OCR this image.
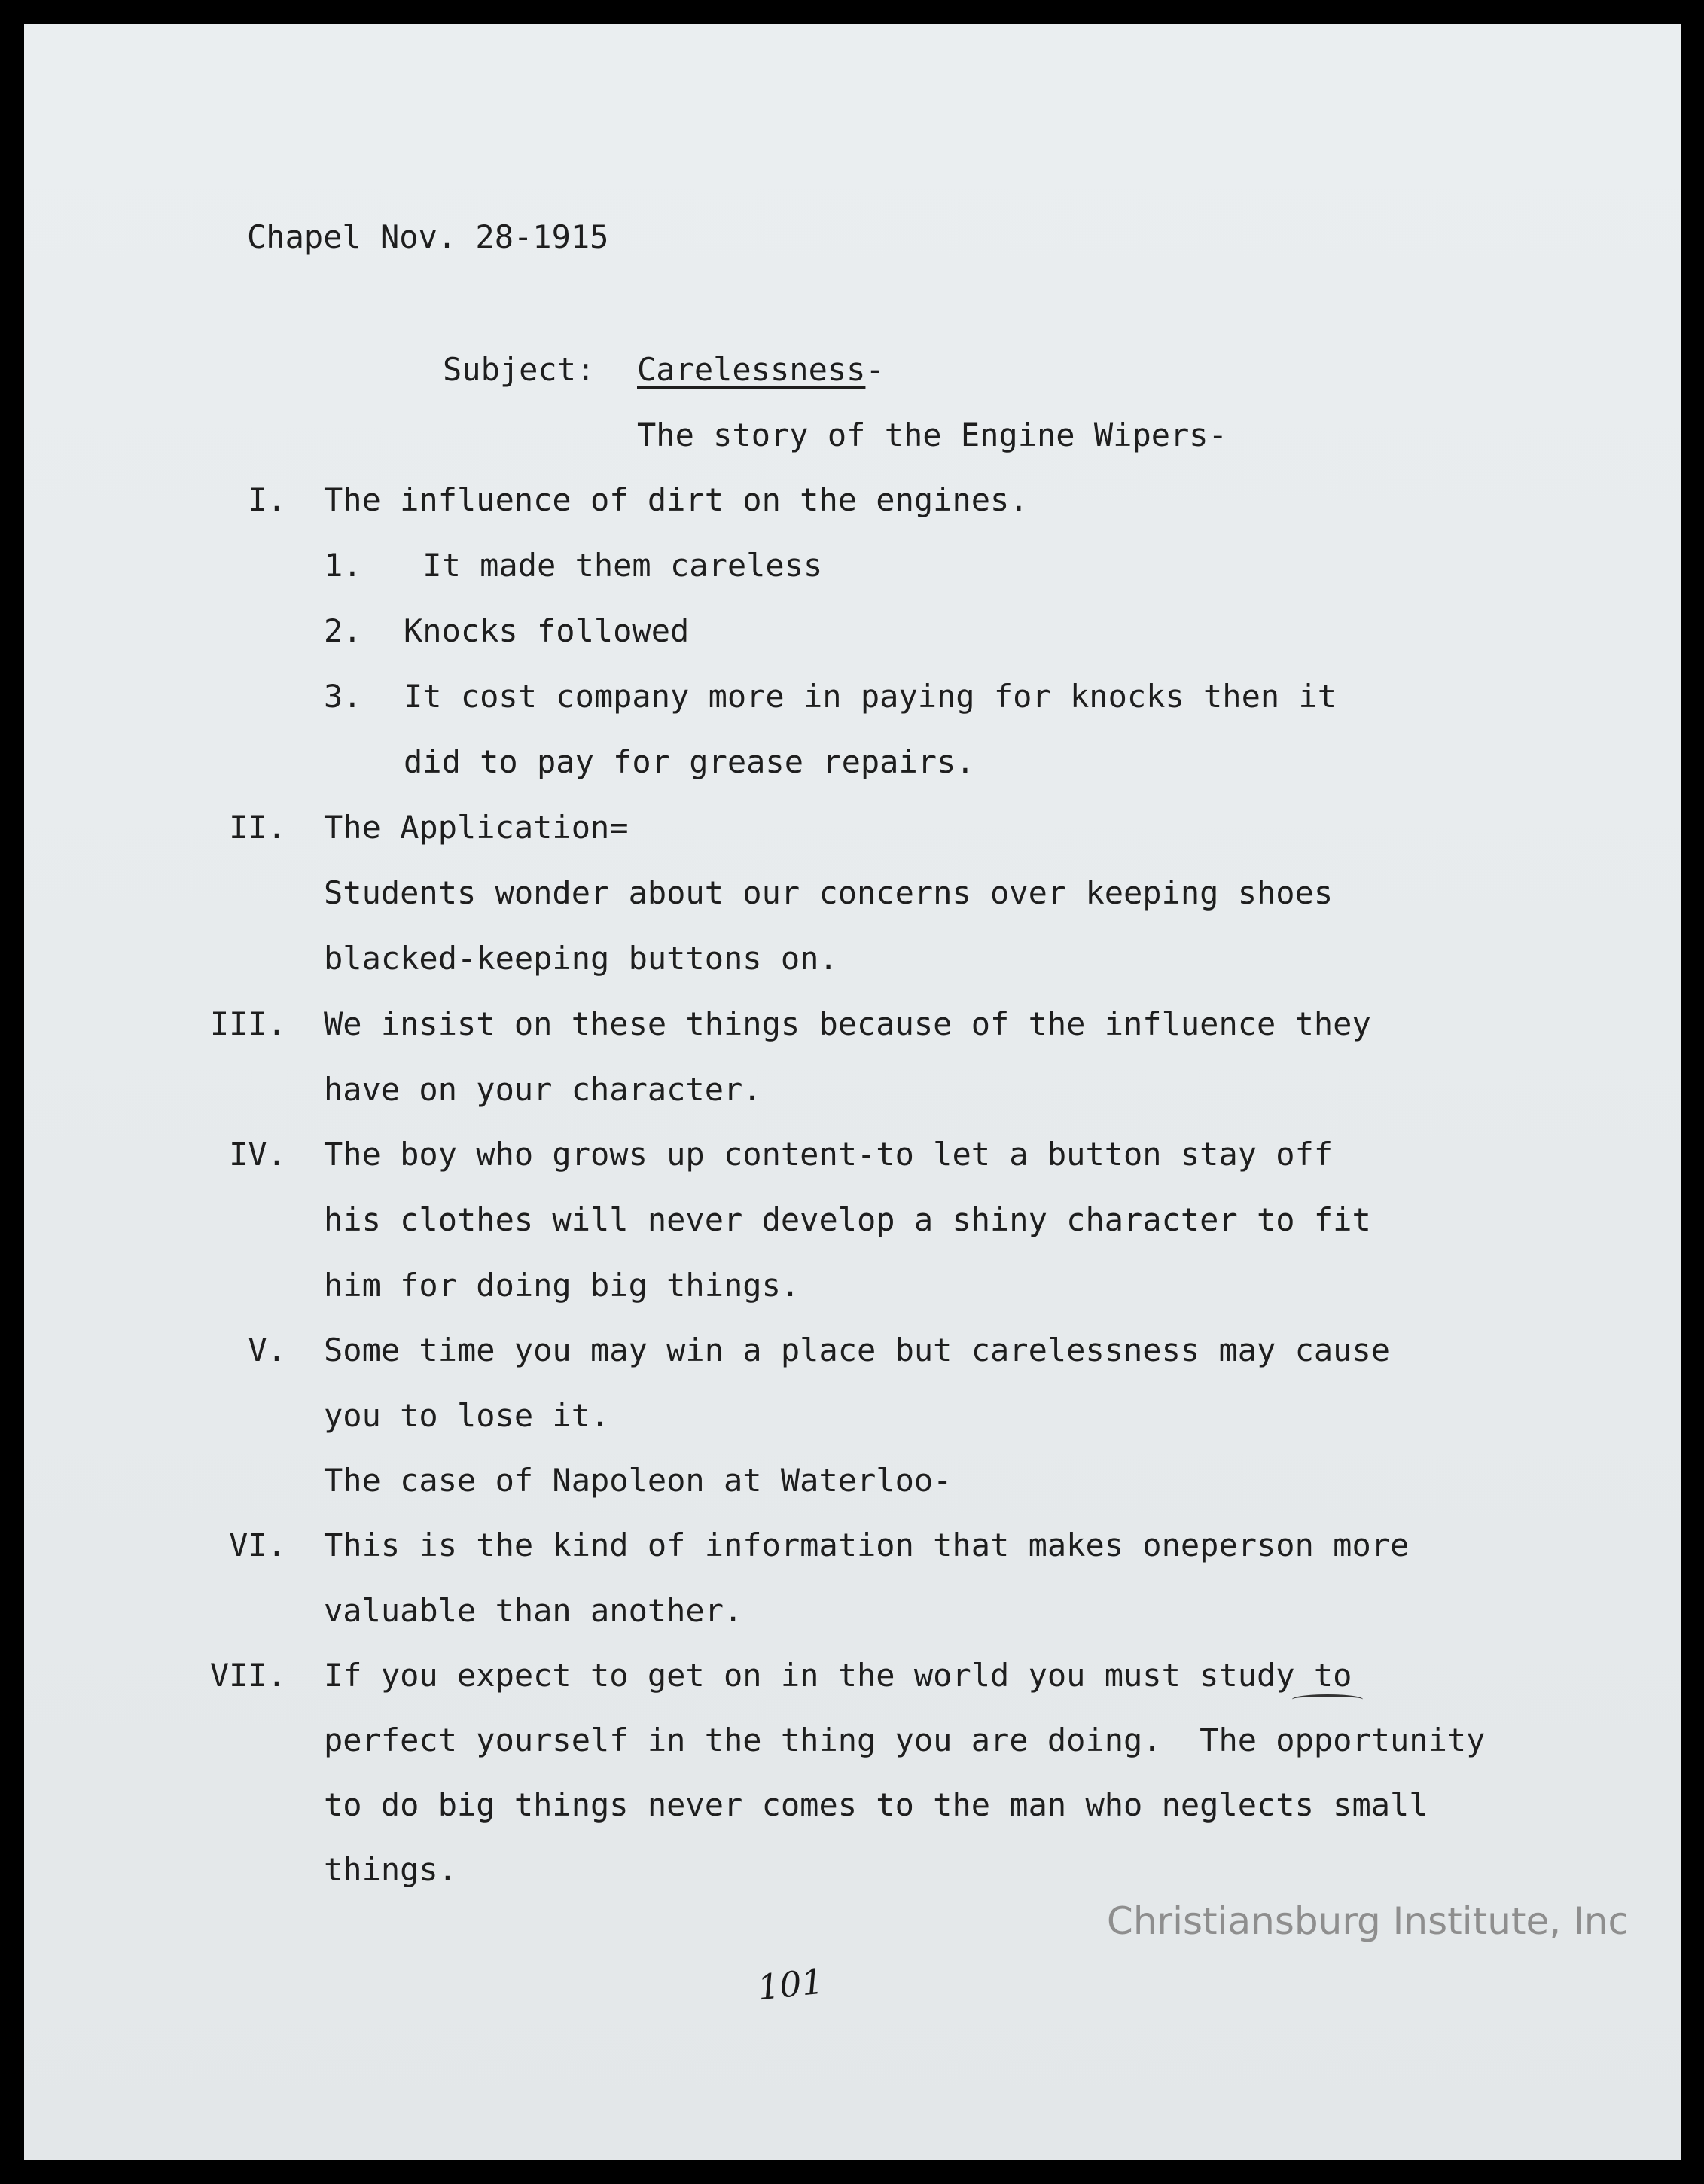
Chapel Nov. 28-1915
Subject: Carelessness-
The story of the Engine Wipers-
I. The influence of dirt on the engines.
1. It made them careless
2. Knocks followed
3. It cost company more in paying for knocks then it
did to pay for grease repairs.
II. The Application=
Students wonder about our concerns over keeping shoes
blacked-keeping buttons on.
III. We insist on these things because of the influence they
have on your character.
IV. The boy who grows up content-to let a button stay off
his clothes will never develop a shiny character to fit
him for doing big things.
V. Some time you may win a place but carelessness may cause
you to lose it.
The case of Napoleon at Waterloo-
VI. This is the kind of information that makes oneperson more
valuable than another.
VII. If you expect to get on in the world you must study to
perfect yourself in the thing you are doing.  The opportunity
to do big things never comes to the man who neglects small
things.
101
Christiansburg Institute, Inc
